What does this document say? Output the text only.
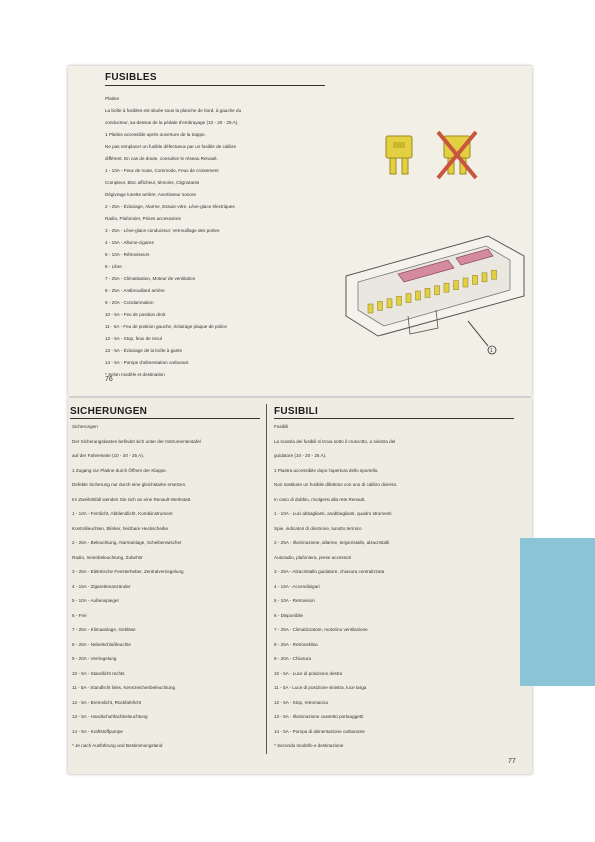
FUSIBLES
Platine
La boîte à fusibles est située sous la planche de bord, à gauche du
conducteur, au-dessus de la pédale d'embrayage (10 - 20 - 25 A).
1 Platine accessible après ouverture de la trappe.
Ne pas remplacer un fusible défectueux par un fusible de calibre
différent. En cas de doute, consultez le réseau Renault.
1 - 10A - Feux de route, Commodo, Feux de croisement
Compteur, Bloc afficheur, témoins, Clignotants
Dégivrage lunette arrière, Avertisseur sonore
2 - 25A - Éclairage, Alarme, Essuie-vitre, Lève-glace électriques
Radio, Plafonnier, Prises accessoires
3 - 25A - Lève-glace conducteur, Verrouillage des portes
4 - 15A - Allume-cigares
5 - 10A - Rétroviseurs
6 - Libre
7 - 25A - Climatisation, Moteur de ventilation
8 - 25A - Antibrouillard arrière
9 - 20A - Condamnation
10 - 5A - Feu de position droit
11 - 5A - Feu de position gauche, éclairage plaque de police
12 - 5A - Stop, feux de recul
13 - 5A - Éclairage de la boîte à gants
14 - 5A - Pompe d'alimentation carburant
* Selon modèle et destination
1
76
SICHERUNGEN	FUSIBILI
Sicherungen
Der Sicherungskasten befindet sich unter der Instrumententafel
auf der Fahrerseite (10 - 20 - 25 A).
1 Zugang zur Platine durch Öffnen der Klappe.
Defekte Sicherung nur durch eine gleichstarke ersetzen.
Im Zweifelsfall wenden Sie sich an eine Renault-Werkstatt.
1 - 10A - Fernlicht, Abblendlicht, Kombiinstrument
Kontrolleuchten, Blinker, heizbare Heckscheibe
2 - 25A - Beleuchtung, Alarmanlage, Scheibenwischer
Radio, Innenbeleuchtung, Zubehör
3 - 25A - Elektrische Fensterheber, Zentralverriegelung
4 - 15A - Zigarettenanzünder
5 - 10A - Außenspiegel
6 - Frei
7 - 25A - Klimaanlage, Gebläse
8 - 25A - Nebelschlußleuchte
9 - 20A - Verriegelung
10 - 5A - Standlicht rechts
11 - 5A - Standlicht links, Kennzeichenbeleuchtung
12 - 5A - Bremslicht, Rückfahrlicht
13 - 5A - Handschuhfachbeleuchtung
14 - 5A - Kraftstoffpumpe
* Je nach Ausführung und Bestimmungsland
Fusibili
La scatola dei fusibili si trova sotto il cruscotto, a sinistra del
guidatore (10 - 20 - 25 A).
1 Piastra accessibile dopo l'apertura dello sportello.
Non sostituire un fusibile difettoso con uno di calibro diverso.
In caso di dubbio, rivolgersi alla rete Renault.
1 - 10A - Luci abbaglianti, anabbaglianti, quadro strumenti
Spie, indicatori di direzione, lunotto termico
2 - 25A - Illuminazione, allarme, tergicristallo, alzacristalli
Autoradio, plafoniera, prese accessori
3 - 25A - Alzacristallo guidatore, chiusura centralizzata
4 - 15A - Accendisigari
5 - 10A - Retrovisori
6 - Disponibile
7 - 25A - Climatizzatore, motorino ventilazione
8 - 25A - Retronebbia
9 - 20A - Chiusura
10 - 5A - Luce di posizione destra
11 - 5A - Luce di posizione sinistra, luce targa
12 - 5A - Stop, retromarcia
13 - 5A - Illuminazione cassetto portaoggetti
14 - 5A - Pompa di alimentazione carburante
* Secondo modello e destinazione
77
